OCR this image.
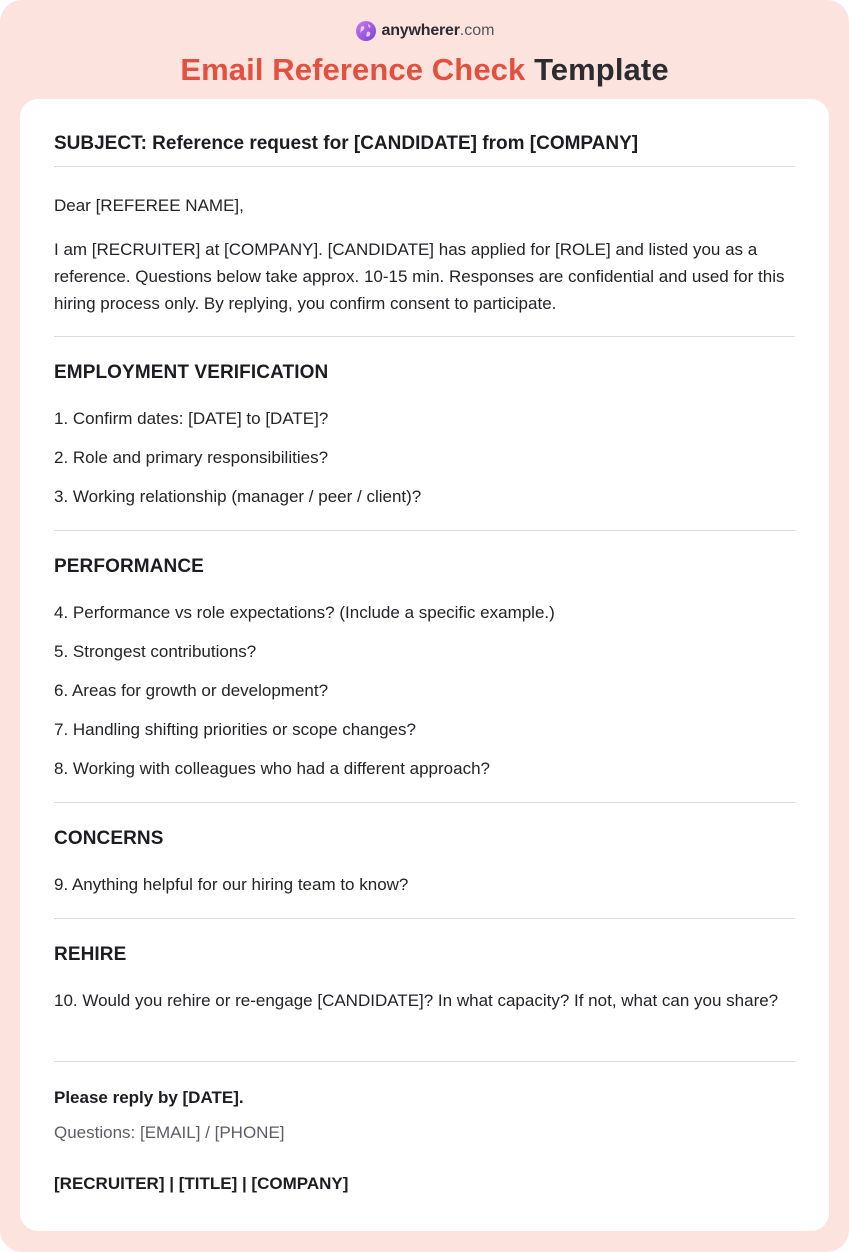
anywherer.com
Email Reference Check Template
SUBJECT: Reference request for [CANDIDATE] from [COMPANY]
Dear [REFEREE NAME],
I am [RECRUITER] at [COMPANY]. [CANDIDATE] has applied for [ROLE] and listed you as a reference. Questions below take approx. 10-15 min. Responses are confidential and used for this hiring process only. By replying, you confirm consent to participate.
EMPLOYMENT VERIFICATION
1. Confirm dates: [DATE] to [DATE]?
2. Role and primary responsibilities?
3. Working relationship (manager / peer / client)?
PERFORMANCE
4. Performance vs role expectations? (Include a specific example.)
5. Strongest contributions?
6. Areas for growth or development?
7. Handling shifting priorities or scope changes?
8. Working with colleagues who had a different approach?
CONCERNS
9. Anything helpful for our hiring team to know?
REHIRE
10. Would you rehire or re-engage [CANDIDATE]? In what capacity? If not, what can you share?
Please reply by [DATE].
Questions: [EMAIL] / [PHONE]
[RECRUITER] | [TITLE] | [COMPANY]
